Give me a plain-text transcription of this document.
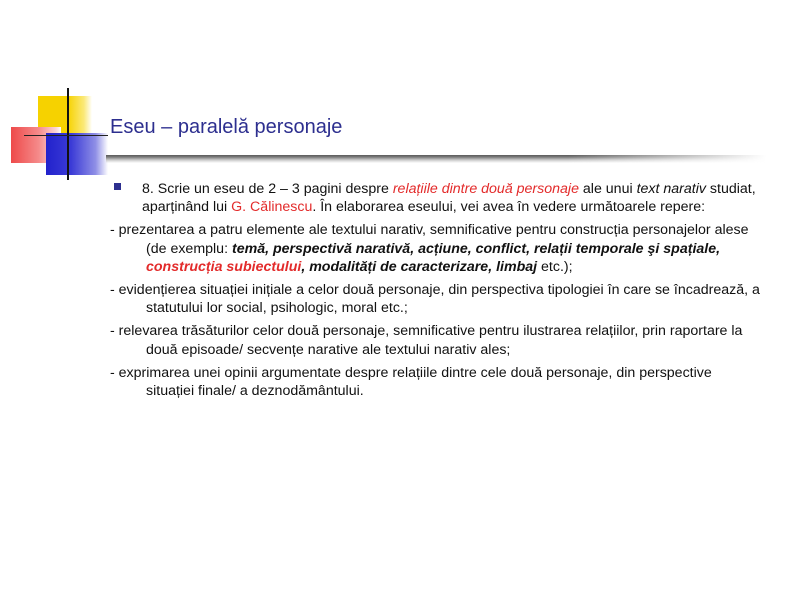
Eseu – paralelă personaje
8. Scrie un eseu de 2 – 3 pagini despre relațiile dintre două personaje ale unui text narativ studiat, aparținând lui G. Călinescu. În elaborarea eseului, vei avea în vedere următoarele repere:
- prezentarea a patru elemente ale textului narativ, semnificative pentru construcția personajelor alese (de exemplu: temă, perspectivă narativă, acțiune, conflict, relații temporale şi spațiale, construcția subiectului, modalități de caracterizare, limbaj etc.);
- evidențierea situației inițiale a celor două personaje, din perspectiva tipologiei în care se încadrează, a statutului lor social, psihologic, moral etc.;
- relevarea trăsăturilor celor două personaje, semnificative pentru ilustrarea relațiilor, prin raportare la două episoade/ secvențe narative ale textului narativ ales;
- exprimarea unei opinii argumentate despre relațiile dintre cele două personaje, din perspective situației finale/ a deznodământului.
